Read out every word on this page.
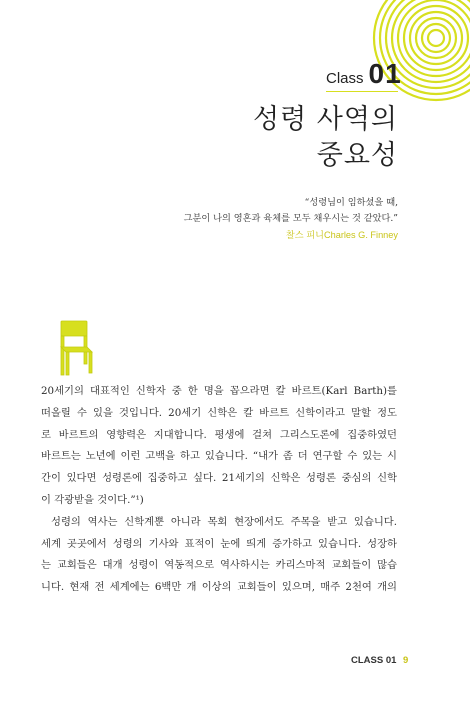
Class 01
성령 사역의
중요성
“성령님이 임하셨을 때,
그분이 나의 영혼과 육체를 모두 채우시는 것 같았다.”
찰스 피니Charles G. Finney
20세기의 대표적인 신학자 중 한 명을 꼽으라면 칼 바르트(Karl Barth)를
떠올릴 수 있을 것입니다. 20세기 신학은 칼 바르트 신학이라고 말할 정도
로 바르트의 영향력은 지대합니다. 평생에 걸쳐 그리스도론에 집중하였던
바르트는 노년에 이런 고백을 하고 있습니다. “내가 좀 더 연구할 수 있는 시
간이 있다면 성령론에 집중하고 싶다. 21세기의 신학은 성령론 중심의 신학
이 각광받을 것이다.”¹)
성령의 역사는 신학계뿐 아니라 목회 현장에서도 주목을 받고 있습니다.
세계 곳곳에서 성령의 기사와 표적이 눈에 띄게 증가하고 있습니다. 성장하
는 교회들은 대개 성령이 역동적으로 역사하시는 카리스마적 교회들이 많습
니다. 현재 전 세계에는 6백만 개 이상의 교회들이 있으며, 매주 2천여 개의
CLASS 01 9
